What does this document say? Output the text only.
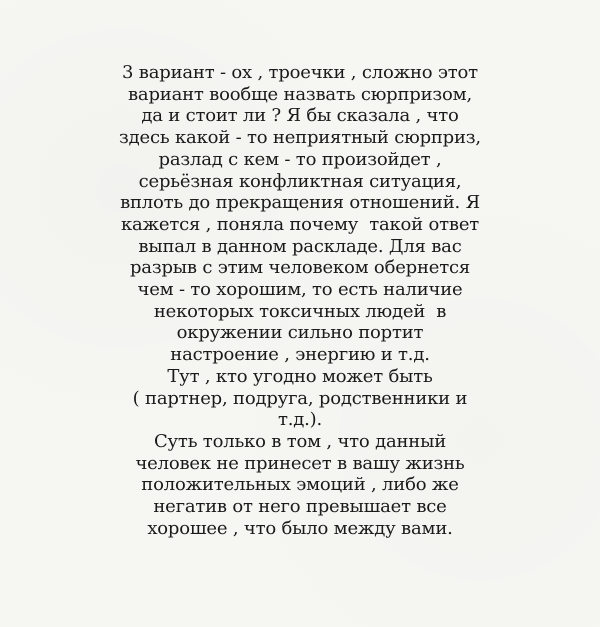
3 вариант - ох , троечки , сложно этот
вариант вообще назвать сюрпризом,
да и стоит ли ? Я бы сказала , что
здесь какой - то неприятный сюрприз,
разлад с кем - то произойдет ,
серьёзная конфликтная ситуация,
вплоть до прекращения отношений. Я
кажется , поняла почему  такой ответ
выпал в данном раскладе. Для вас
разрыв с этим человеком обернется
чем - то хорошим, то есть наличие
некоторых токсичных людей  в
окружении сильно портит
настроение , энергию и т.д.
Тут , кто угодно может быть
( партнер, подруга, родственники и
т.д.).
Суть только в том , что данный
человек не принесет в вашу жизнь
положительных эмоций , либо же
негатив от него превышает все
хорошее , что было между вами.
